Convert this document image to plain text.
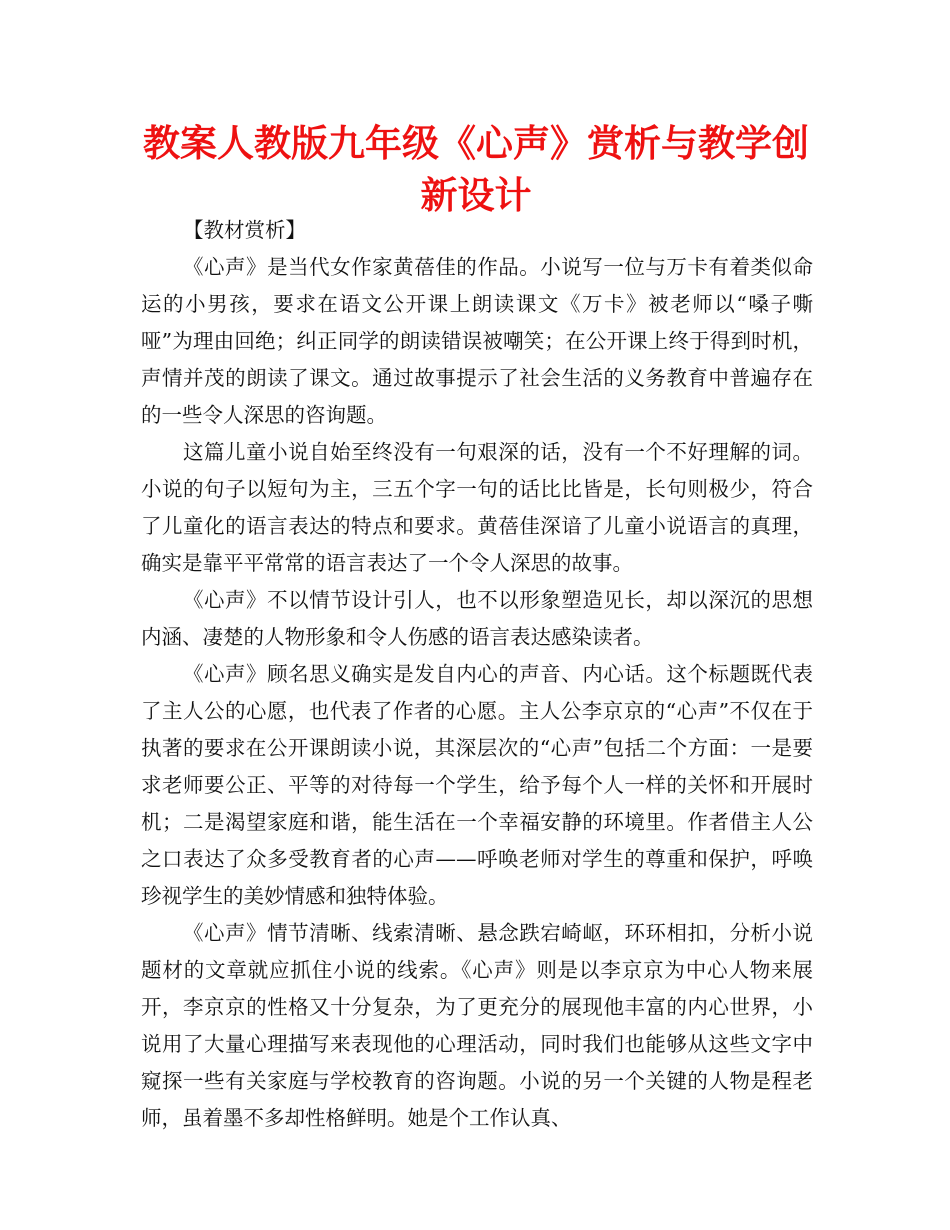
教案人教版九年级《心声》赏析与教学创新设计

【教材赏析】

《心声》是当代女作家黄蓓佳的作品。小说写一位与万卡有着类似命运的小男孩，要求在语文公开课上朗读课文《万卡》被老师以“嗓子嘶哑”为理由回绝；纠正同学的朗读错误被嘲笑；在公开课上终于得到时机，声情并茂的朗读了课文。通过故事提示了社会生活的义务教育中普遍存在的一些令人深思的咨询题。

这篇儿童小说自始至终没有一句艰深的话，没有一个不好理解的词。小说的句子以短句为主，三五个字一句的话比比皆是，长句则极少，符合了儿童化的语言表达的特点和要求。黄蓓佳深谙了儿童小说语言的真理，确实是靠平平常常的语言表达了一个令人深思的故事。

《心声》不以情节设计引人，也不以形象塑造见长，却以深沉的思想内涵、凄楚的人物形象和令人伤感的语言表达感染读者。

《心声》顾名思义确实是发自内心的声音、内心话。这个标题既代表了主人公的心愿，也代表了作者的心愿。主人公李京京的“心声”不仅在于执著的要求在公开课朗读小说，其深层次的“心声”包括二个方面：一是要求老师要公正、平等的对待每一个学生，给予每个人一样的关怀和开展时机；二是渴望家庭和谐，能生活在一个幸福安静的环境里。作者借主人公之口表达了众多受教育者的心声——呼唤老师对学生的尊重和保护，呼唤珍视学生的美妙情感和独特体验。

《心声》情节清晰、线索清晰、悬念跌宕崎岖，环环相扣，分析小说题材的文章就应抓住小说的线索。《心声》则是以李京京为中心人物来展开，李京京的性格又十分复杂，为了更充分的展现他丰富的内心世界，小说用了大量心理描写来表现他的心理活动，同时我们也能够从这些文字中窥探一些有关家庭与学校教育的咨询题。小说的另一个关键的人物是程老师，虽着墨不多却性格鲜明。她是个工作认真、
